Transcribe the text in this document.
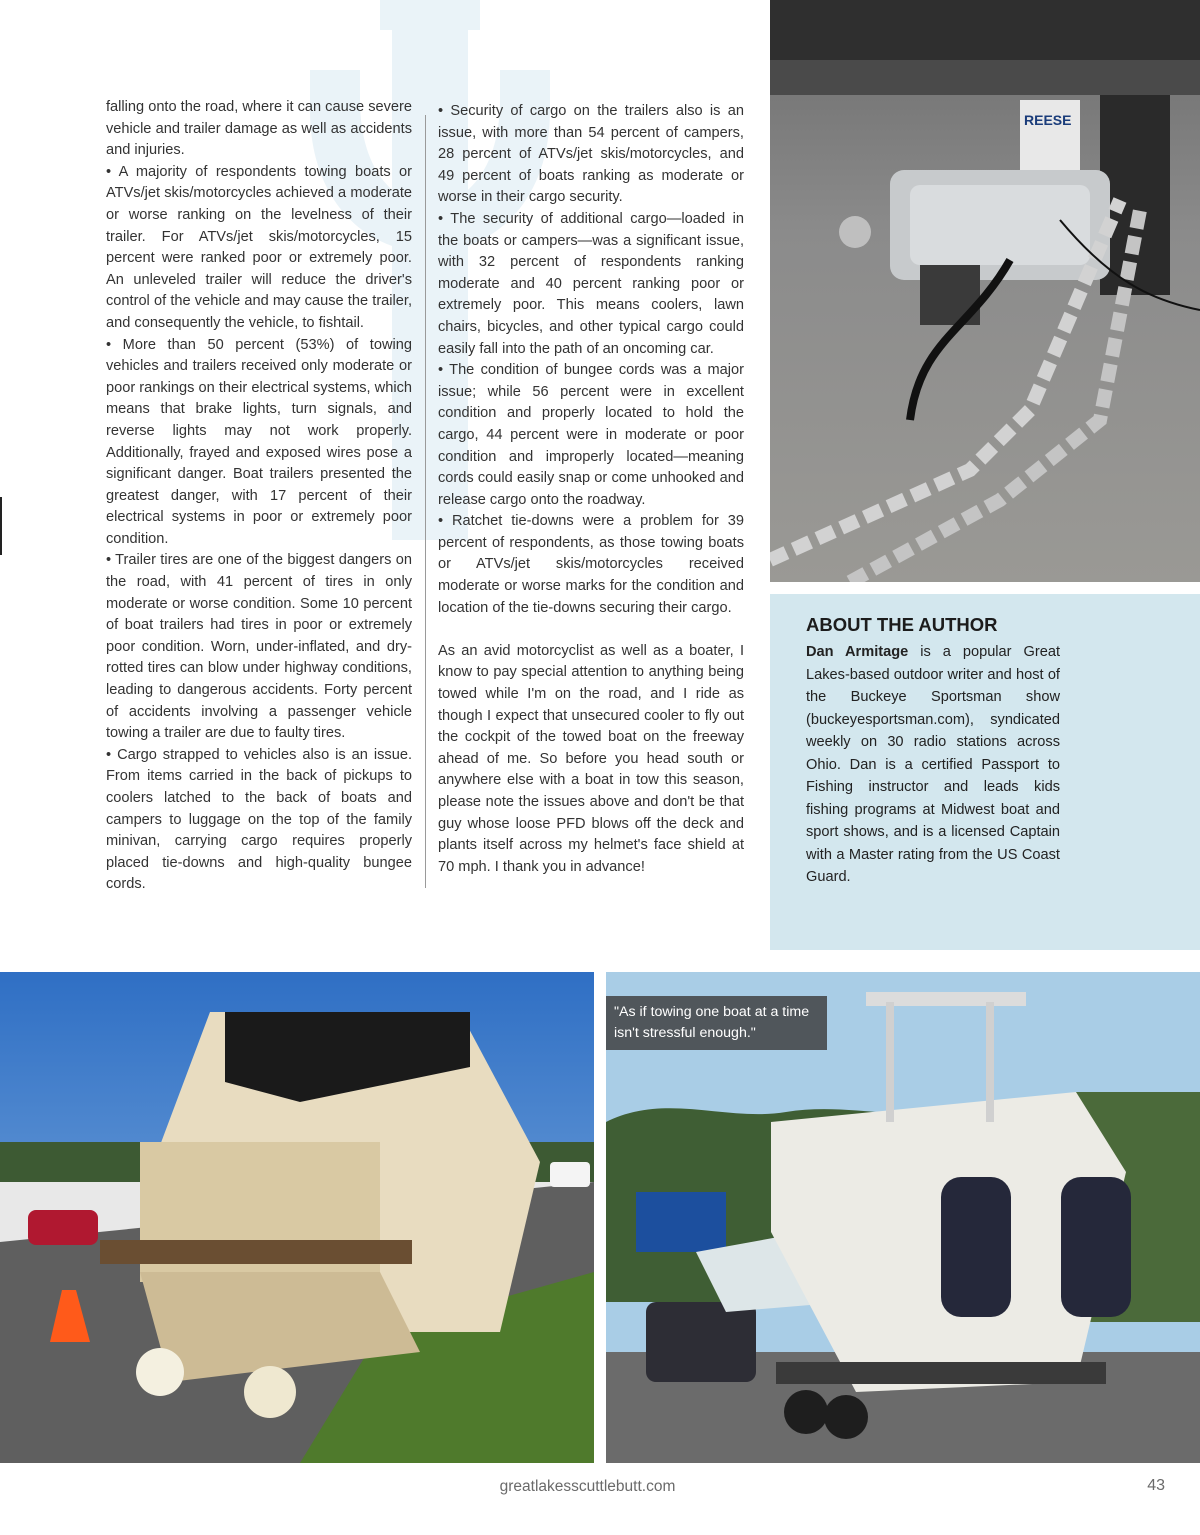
falling onto the road, where it can cause severe vehicle and trailer damage as well as accidents and injuries.

• A majority of respondents towing boats or ATVs/jet skis/motorcycles achieved a moderate or worse ranking on the levelness of their trailer. For ATVs/jet skis/motorcycles, 15 percent were ranked poor or extremely poor. An unleveled trailer will reduce the driver's control of the vehicle and may cause the trailer, and consequently the vehicle, to fishtail.

• More than 50 percent (53%) of towing vehicles and trailers received only moderate or poor rankings on their electrical systems, which means that brake lights, turn signals, and reverse lights may not work properly. Additionally, frayed and exposed wires pose a significant danger. Boat trailers presented the greatest danger, with 17 percent of their electrical systems in poor or extremely poor condition.

• Trailer tires are one of the biggest dangers on the road, with 41 percent of tires in only moderate or worse condition. Some 10 percent of boat trailers had tires in poor or extremely poor condition. Worn, under-inflated, and dry-rotted tires can blow under highway conditions, leading to dangerous accidents. Forty percent of accidents involving a passenger vehicle towing a trailer are due to faulty tires.

• Cargo strapped to vehicles also is an issue. From items carried in the back of pickups to coolers latched to the back of boats and campers to luggage on the top of the family minivan, carrying cargo requires properly placed tie-downs and high-quality bungee cords.

• Security of cargo on the trailers also is an issue, with more than 54 percent of campers, 28 percent of ATVs/jet skis/motorcycles, and 49 percent of boats ranking as moderate or worse in their cargo security.

• The security of additional cargo—loaded in the boats or campers—was a significant issue, with 32 percent of respondents ranking moderate and 40 percent ranking poor or extremely poor. This means coolers, lawn chairs, bicycles, and other typical cargo could easily fall into the path of an oncoming car.

• The condition of bungee cords was a major issue; while 56 percent were in excellent condition and properly located to hold the cargo, 44 percent were in moderate or poor condition and improperly located—meaning cords could easily snap or come unhooked and release cargo onto the roadway.

• Ratchet tie-downs were a problem for 39 percent of respondents, as those towing boats or ATVs/jet skis/motorcycles received moderate or worse marks for the condition and location of the tie-downs securing their cargo.

As an avid motorcyclist as well as a boater, I know to pay special attention to anything being towed while I'm on the road, and I ride as though I expect that unsecured cooler to fly out the cockpit of the towed boat on the freeway ahead of me. So before you head south or anywhere else with a boat in tow this season, please note the issues above and don't be that guy whose loose PFD blows off the deck and plants itself across my helmet's face shield at 70 mph. I thank you in advance!

REESE
ABOUT THE AUTHOR
Dan Armitage is a popular Great Lakes-based outdoor writer and host of the Buckeye Sportsman show (buckeyesportsman.com), syndicated weekly on 30 radio stations across Ohio. Dan is a certified Passport to Fishing instructor and leads kids fishing programs at Midwest boat and sport shows, and is a licensed Captain with a Master rating from the US Coast Guard.
"As if towing one boat at a time isn't stressful enough."
greatlakesscuttlebutt.com	43
